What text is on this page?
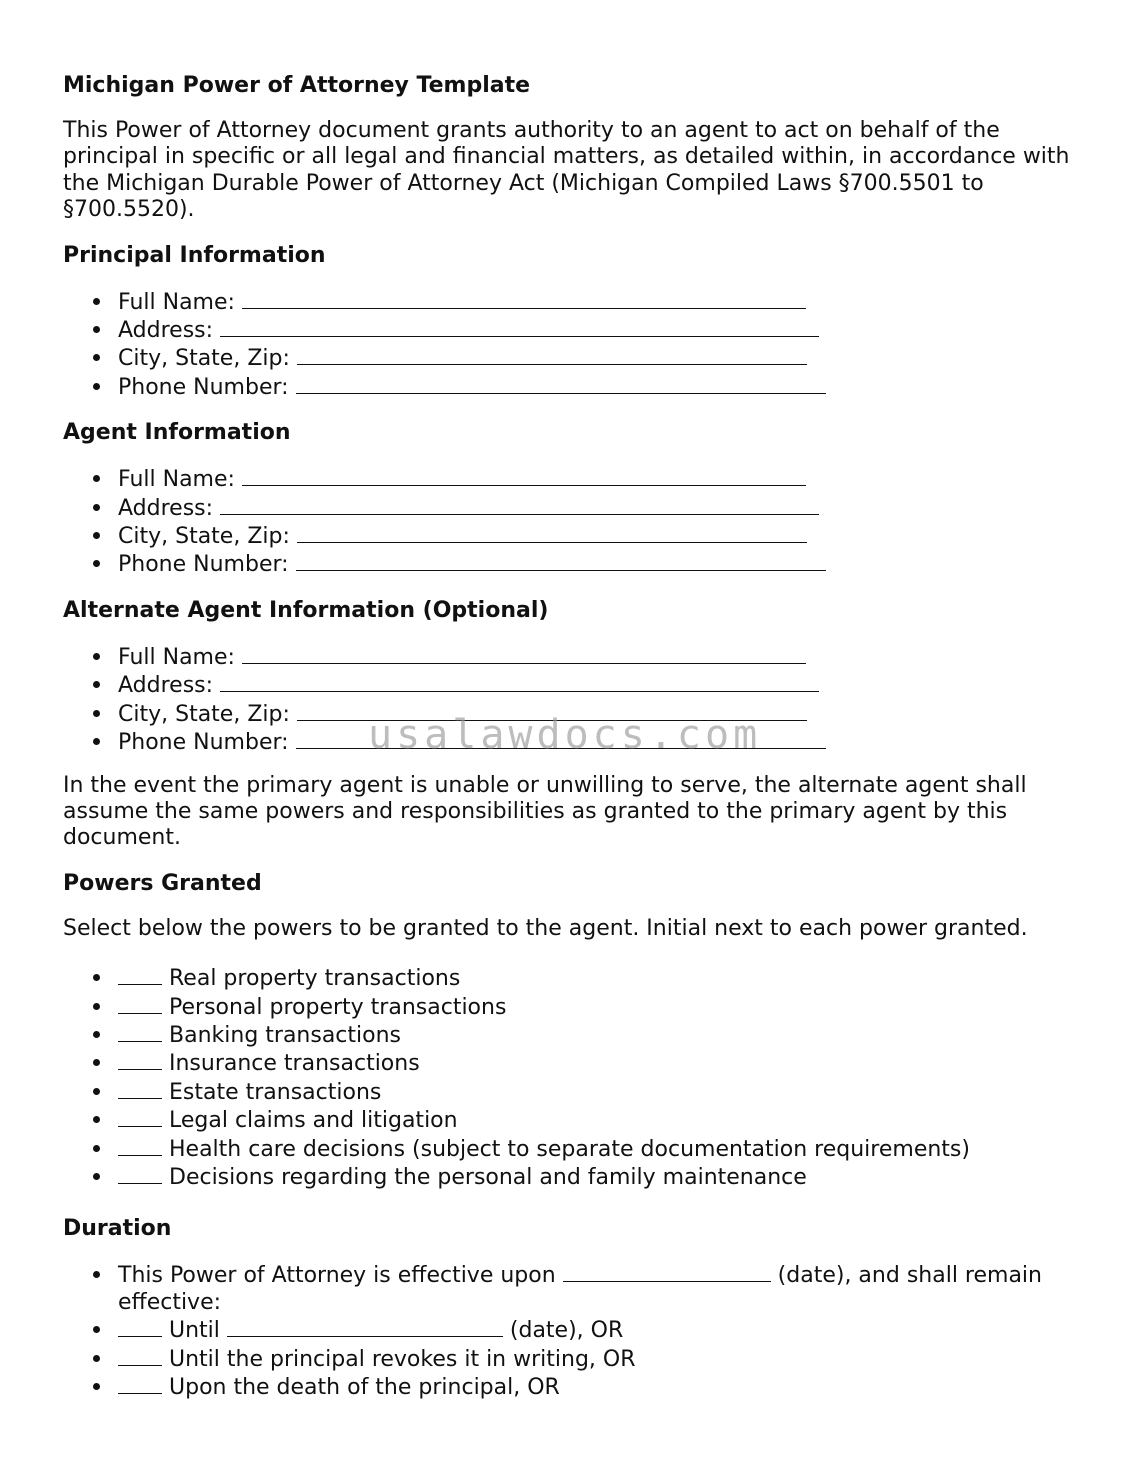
Michigan Power of Attorney Template

This Power of Attorney document grants authority to an agent to act on behalf of the principal in specific or all legal and financial matters, as detailed within, in accordance with the Michigan Durable Power of Attorney Act (Michigan Compiled Laws §700.5501 to §700.5520).

Principal Information
Full Name:
Address:
City, State, Zip:
Phone Number:
Agent Information
Full Name:
Address:
City, State, Zip:
Phone Number:
Alternate Agent Information (Optional)
Full Name:
Address:
City, State, Zip:
Phone Number:

In the event the primary agent is unable or unwilling to serve, the alternate agent shall assume the same powers and responsibilities as granted to the primary agent by this document.

Powers Granted

Select below the powers to be granted to the agent. Initial next to each power granted.

Real property transactions
Personal property transactions
Banking transactions
Insurance transactions
Estate transactions
Legal claims and litigation
Health care decisions (subject to separate documentation requirements)
Decisions regarding the personal and family maintenance
Duration
This Power of Attorney is effective upon	(date), and shall remain effective:
Until	(date), OR
Until the principal revokes it in writing, OR
Upon the death of the principal, OR
usalawdocs.com
